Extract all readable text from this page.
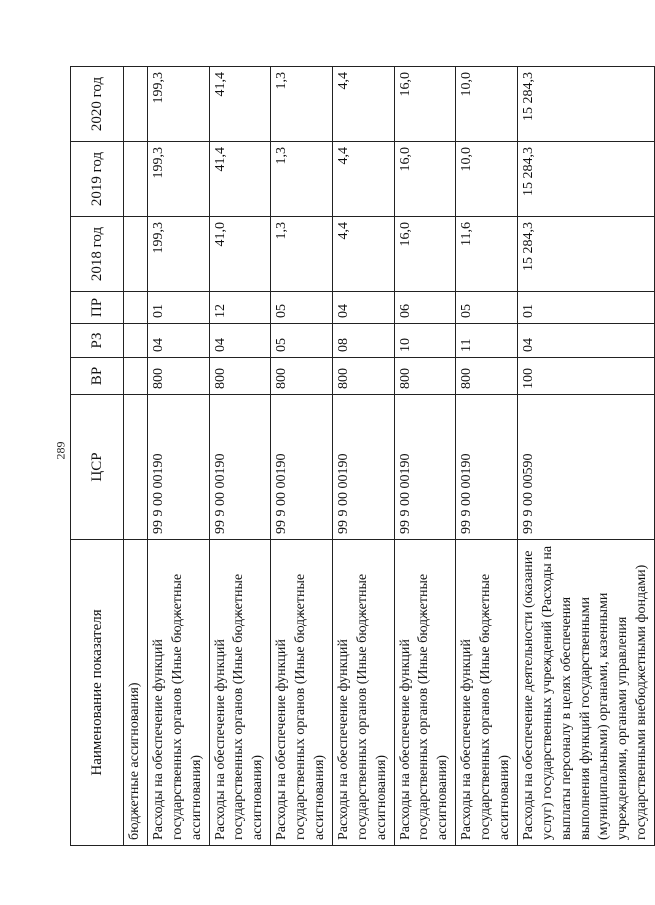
289
Наименование показателя	ЦСР	ВР	РЗ	ПР	2018 год	2019 год	2020 год
бюджетные ассигнования)							
Расходы на обеспечение функций государственных органов (Иные бюджетные ассигнования)	99 9 00 00190	800	04	01	199,3	199,3	199,3
Расходы на обеспечение функций государственных органов (Иные бюджетные ассигнования)	99 9 00 00190	800	04	12	41,0	41,4	41,4
Расходы на обеспечение функций государственных органов (Иные бюджетные ассигнования)	99 9 00 00190	800	05	05	1,3	1,3	1,3
Расходы на обеспечение функций государственных органов (Иные бюджетные ассигнования)	99 9 00 00190	800	08	04	4,4	4,4	4,4
Расходы на обеспечение функций государственных органов (Иные бюджетные ассигнования)	99 9 00 00190	800	10	06	16,0	16,0	16,0
Расходы на обеспечение функций государственных органов (Иные бюджетные ассигнования)	99 9 00 00190	800	11	05	11,6	10,0	10,0
Расходы на обеспечение деятельности (оказание услуг) государственных учреждений (Расходы на выплаты персоналу в целях обеспечения выполнения функций государственными (муниципальными) органами, казенными учреждениями, органами управления государственными внебюджетными фондами)	99 9 00 00590	100	04	01	15 284,3	15 284,3	15 284,3
